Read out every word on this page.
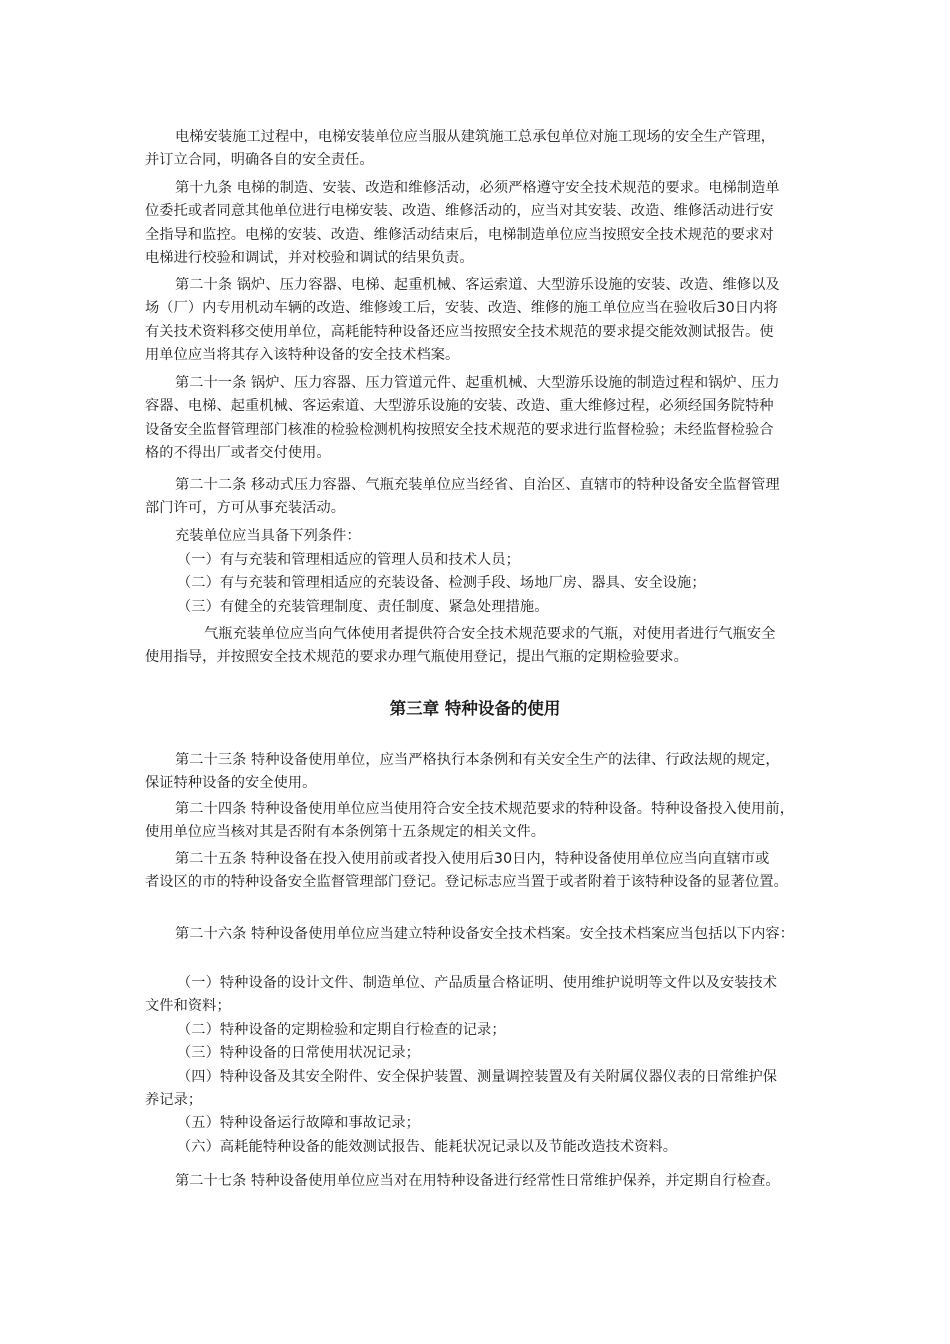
电梯安装施工过程中，电梯安装单位应当服从建筑施工总承包单位对施工现场的安全生产管理，
并订立合同，明确各自的安全责任。

第十九条 电梯的制造、安装、改造和维修活动，必须严格遵守安全技术规范的要求。电梯制造单
位委托或者同意其他单位进行电梯安装、改造、维修活动的，应当对其安装、改造、维修活动进行安
全指导和监控。电梯的安装、改造、维修活动结束后，电梯制造单位应当按照安全技术规范的要求对
电梯进行校验和调试，并对校验和调试的结果负责。

第二十条 锅炉、压力容器、电梯、起重机械、客运索道、大型游乐设施的安装、改造、维修以及
场（厂）内专用机动车辆的改造、维修竣工后，安装、改造、维修的施工单位应当在验收后30日内将
有关技术资料移交使用单位，高耗能特种设备还应当按照安全技术规范的要求提交能效测试报告。使
用单位应当将其存入该特种设备的安全技术档案。

第二十一条 锅炉、压力容器、压力管道元件、起重机械、大型游乐设施的制造过程和锅炉、压力
容器、电梯、起重机械、客运索道、大型游乐设施的安装、改造、重大维修过程，必须经国务院特种
设备安全监督管理部门核准的检验检测机构按照安全技术规范的要求进行监督检验；未经监督检验合
格的不得出厂或者交付使用。

第二十二条 移动式压力容器、气瓶充装单位应当经省、自治区、直辖市的特种设备安全监督管理
部门许可，方可从事充装活动。

充装单位应当具备下列条件：

（一）有与充装和管理相适应的管理人员和技术人员；
（二）有与充装和管理相适应的充装设备、检测手段、场地厂房、器具、安全设施；
（三）有健全的充装管理制度、责任制度、紧急处理措施。

气瓶充装单位应当向气体使用者提供符合安全技术规范要求的气瓶，对使用者进行气瓶安全
使用指导，并按照安全技术规范的要求办理气瓶使用登记，提出气瓶的定期检验要求。

第三章 特种设备的使用

第二十三条 特种设备使用单位，应当严格执行本条例和有关安全生产的法律、行政法规的规定，
保证特种设备的安全使用。

第二十四条 特种设备使用单位应当使用符合安全技术规范要求的特种设备。特种设备投入使用前，
使用单位应当核对其是否附有本条例第十五条规定的相关文件。

第二十五条 特种设备在投入使用前或者投入使用后30日内，特种设备使用单位应当向直辖市或
者设区的市的特种设备安全监督管理部门登记。登记标志应当置于或者附着于该特种设备的显著位置。

第二十六条 特种设备使用单位应当建立特种设备安全技术档案。安全技术档案应当包括以下内容：

（一）特种设备的设计文件、制造单位、产品质量合格证明、使用维护说明等文件以及安装技术
文件和资料；
（二）特种设备的定期检验和定期自行检查的记录；
（三）特种设备的日常使用状况记录；
（四）特种设备及其安全附件、安全保护装置、测量调控装置及有关附属仪器仪表的日常维护保
养记录；
（五）特种设备运行故障和事故记录；
（六）高耗能特种设备的能效测试报告、能耗状况记录以及节能改造技术资料。

第二十七条 特种设备使用单位应当对在用特种设备进行经常性日常维护保养，并定期自行检查。
